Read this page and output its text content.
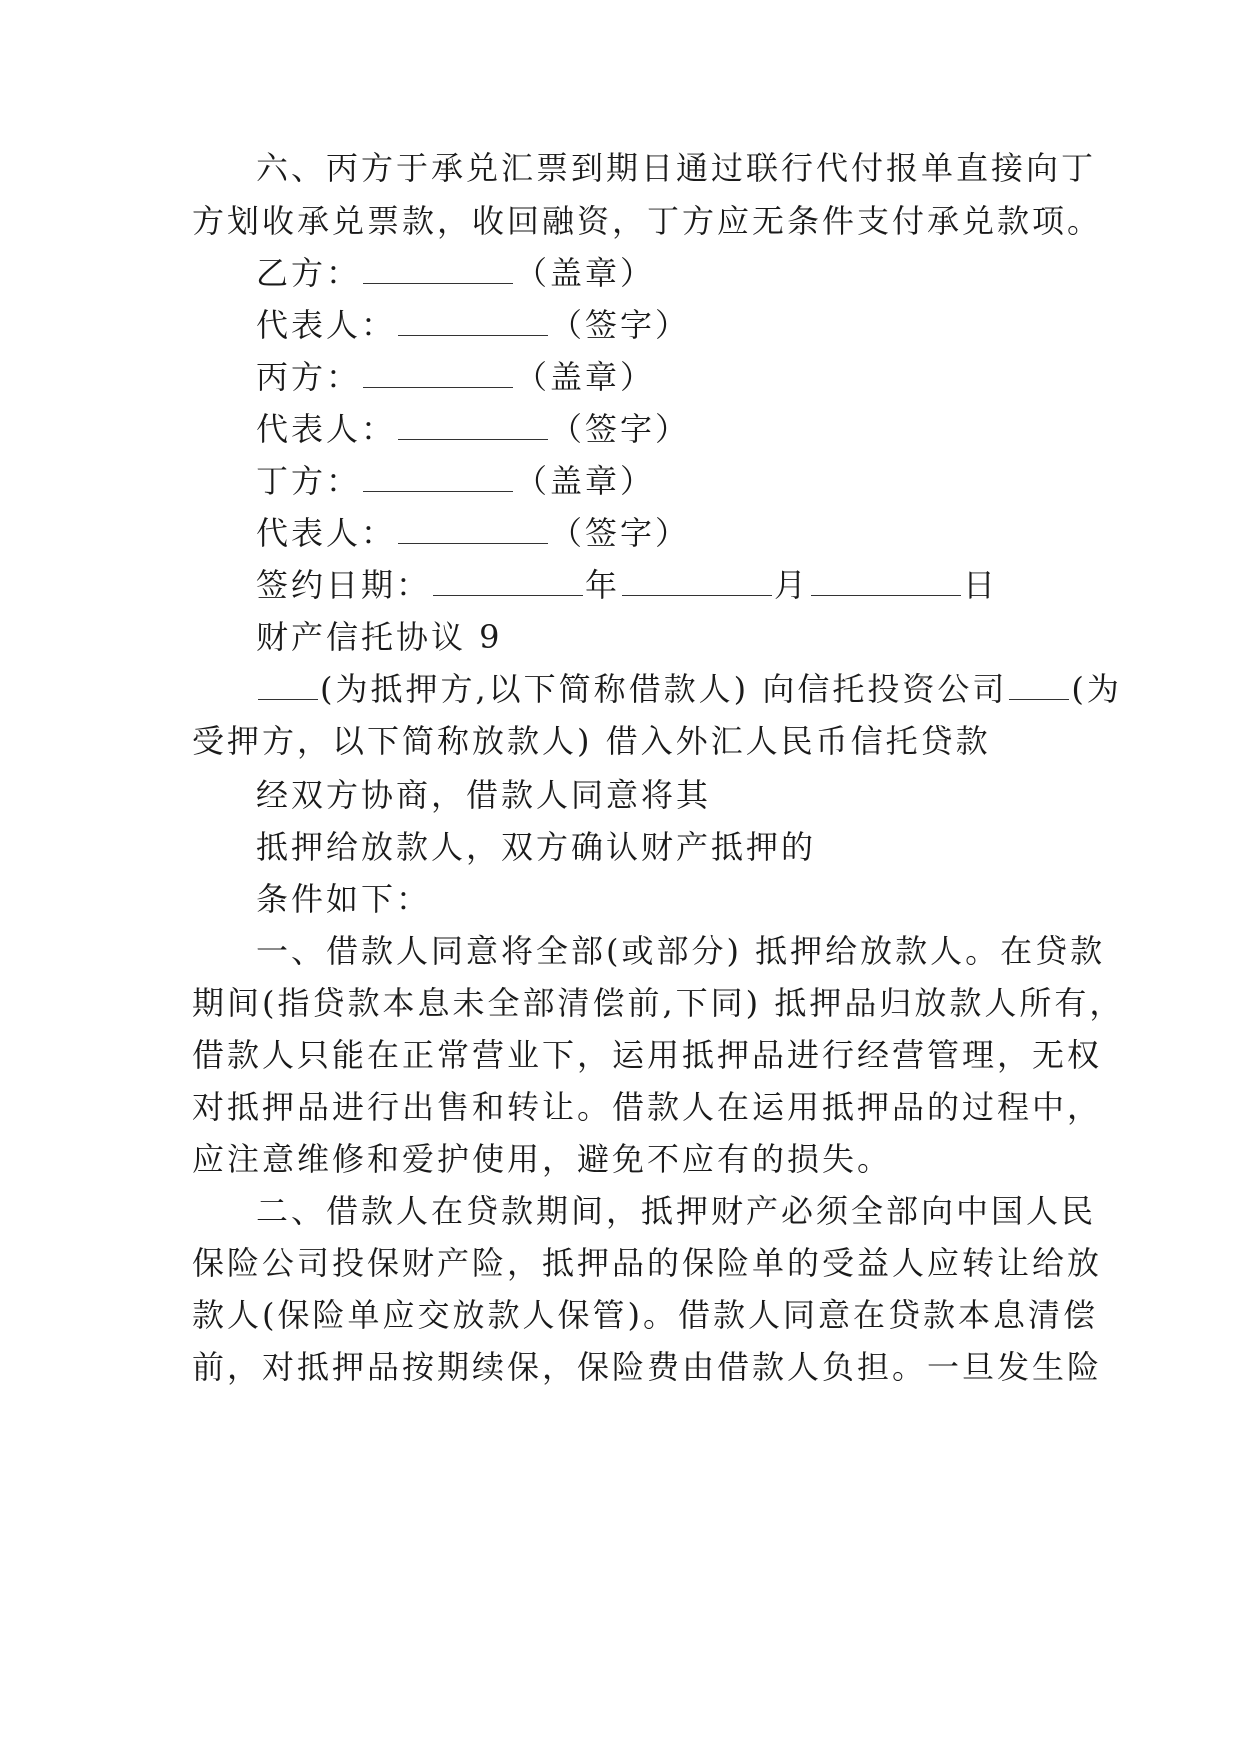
六、丙方于承兑汇票到期日通过联行代付报单直接向丁
方划收承兑票款，收回融资，丁方应无条件支付承兑款项。
乙方：	（盖章）
代表人：	（签字）
丙方：	（盖章）
代表人：	（签字）
丁方：	（盖章）
代表人：	（签字）
签约日期：	年	月	日
财产信托协议 9
(为抵押方,以下简称借款人) 向信托投资公司 (为
受押方，以下简称放款人) 借入外汇人民币信托贷款
经双方协商，借款人同意将其
抵押给放款人，双方确认财产抵押的
条件如下：
一、借款人同意将全部(或部分) 抵押给放款人。在贷款
期间(指贷款本息未全部清偿前,下同) 抵押品归放款人所有，
借款人只能在正常营业下，运用抵押品进行经营管理，无权
对抵押品进行出售和转让。借款人在运用抵押品的过程中，
应注意维修和爱护使用，避免不应有的损失。
二、借款人在贷款期间，抵押财产必须全部向中国人民
保险公司投保财产险，抵押品的保险单的受益人应转让给放
款人(保险单应交放款人保管)。借款人同意在贷款本息清偿
前，对抵押品按期续保，保险费由借款人负担。一旦发生险
